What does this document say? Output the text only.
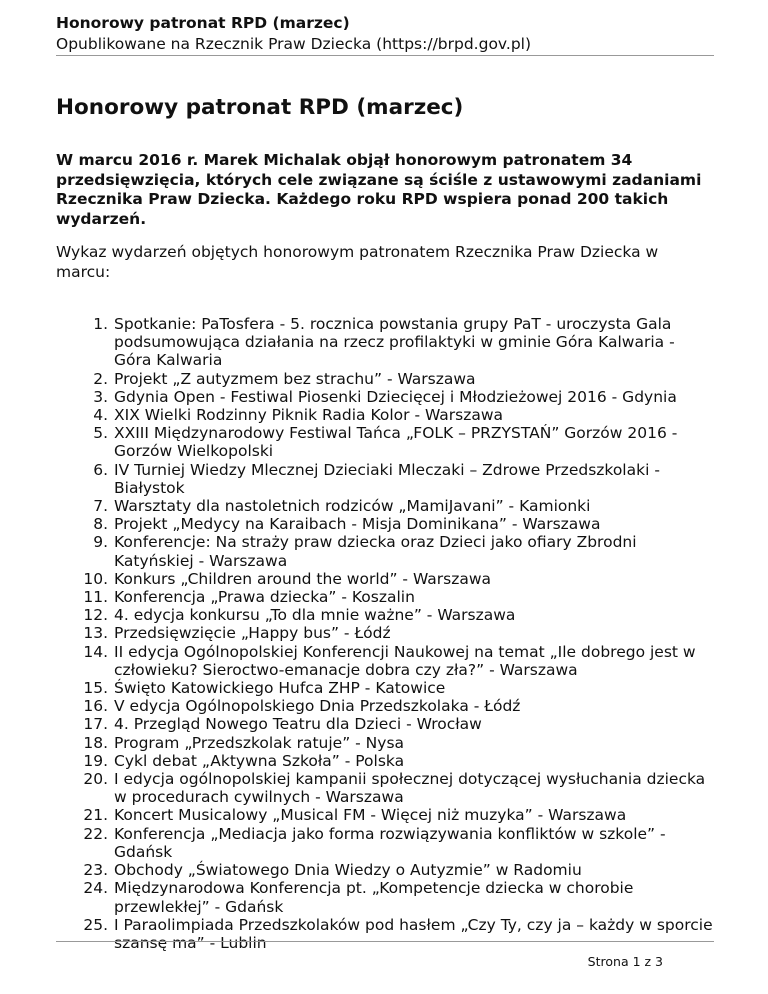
Honorowy patronat RPD (marzec)
Opublikowane na Rzecznik Praw Dziecka (https://brpd.gov.pl)
Honorowy patronat RPD (marzec)

W marcu 2016 r. Marek Michalak objął honorowym patronatem 34 przedsięwzięcia, których cele związane są ściśle z ustawowymi zadaniami Rzecznika Praw Dziecka. Każdego roku RPD wspiera ponad 200 takich wydarzeń.

Wykaz wydarzeń objętych honorowym patronatem Rzecznika Praw Dziecka w marcu:

1. Spotkanie: PaTosfera - 5. rocznica powstania grupy PaT - uroczysta Gala podsumowująca działania na rzecz profilaktyki w gminie Góra Kalwaria - Góra Kalwaria
2. Projekt „Z autyzmem bez strachu” - Warszawa
3. Gdynia Open - Festiwal Piosenki Dziecięcej i Młodzieżowej 2016 - Gdynia
4. XIX Wielki Rodzinny Piknik Radia Kolor - Warszawa
5. XXIII Międzynarodowy Festiwal Tańca „FOLK – PRZYSTAŃ” Gorzów 2016 - Gorzów Wielkopolski
6. IV Turniej Wiedzy Mlecznej Dzieciaki Mleczaki – Zdrowe Przedszkolaki - Białystok
7. Warsztaty dla nastoletnich rodziców „MamiJavani” - Kamionki
8. Projekt „Medycy na Karaibach - Misja Dominikana” - Warszawa
9. Konferencje: Na straży praw dziecka oraz Dzieci jako ofiary Zbrodni Katyńskiej - Warszawa
10. Konkurs „Children around the world” - Warszawa
11. Konferencja „Prawa dziecka” - Koszalin
12. 4. edycja konkursu „To dla mnie ważne” - Warszawa
13. Przedsięwzięcie „Happy bus” - Łódź
14. II edycja Ogólnopolskiej Konferencji Naukowej na temat „Ile dobrego jest w człowieku? Sieroctwo-emanacje dobra czy zła?” - Warszawa
15. Święto Katowickiego Hufca ZHP - Katowice
16. V edycja Ogólnopolskiego Dnia Przedszkolaka - Łódź
17. 4. Przegląd Nowego Teatru dla Dzieci - Wrocław
18. Program „Przedszkolak ratuje” - Nysa
19. Cykl debat „Aktywna Szkoła” - Polska
20. I edycja ogólnopolskiej kampanii społecznej dotyczącej wysłuchania dziecka w procedurach cywilnych - Warszawa
21. Koncert Musicalowy „Musical FM - Więcej niż muzyka” - Warszawa
22. Konferencja „Mediacja jako forma rozwiązywania konfliktów w szkole” - Gdańsk
23. Obchody „Światowego Dnia Wiedzy o Autyzmie” w Radomiu
24. Międzynarodowa Konferencja pt. „Kompetencje dziecka w chorobie przewlekłej” - Gdańsk
25. I Paraolimpiada Przedszkolaków pod hasłem „Czy Ty, czy ja – każdy w sporcie szansę ma” - Lublin
Strona 1 z 3
